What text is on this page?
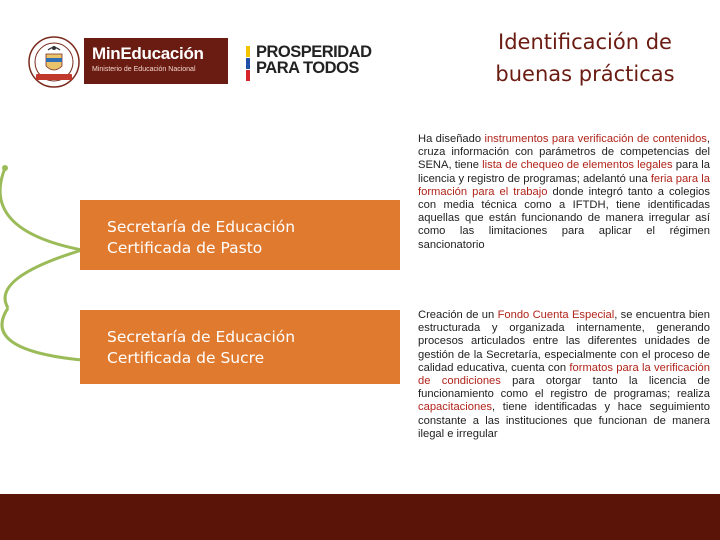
MinEducación
Ministerio de Educación Nacional
PROSPERIDAD
PARA TODOS
Identificación de
buenas prácticas
Secretaría de Educación
Certificada de Pasto
Ha diseñado instrumentos para verificación de contenidos, cruza información con parámetros de competencias del SENA, tiene lista de chequeo de elementos legales para la licencia y registro de programas; adelantó una feria para la formación para el trabajo donde integró tanto a colegios con media técnica como a IFTDH, tiene identificadas aquellas que están funcionando de manera irregular así como las limitaciones para aplicar el régimen sancionatorio
Secretaría de Educación
Certificada de Sucre
Creación de un Fondo Cuenta Especial, se encuentra bien estructurada y organizada internamente, generando procesos articulados entre las diferentes unidades de gestión de la Secretaría, especialmente con el proceso de calidad educativa, cuenta con formatos para la verificación de condiciones para otorgar tanto la licencia de funcionamiento como el registro de programas; realiza capacitaciones, tiene identificadas y hace seguimiento constante a las instituciones que funcionan de manera ilegal e irregular
